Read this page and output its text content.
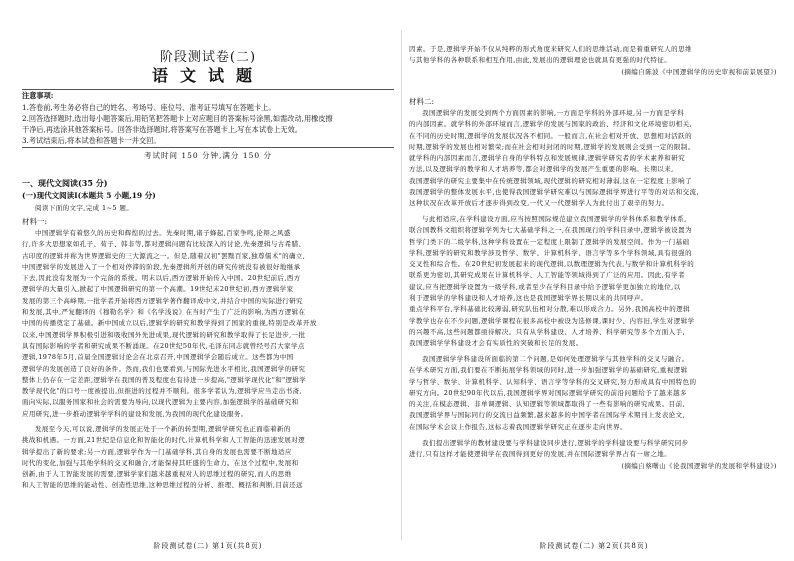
阶段测试卷(二)
语文试题
注意事项:
1.答卷前,考生务必将自己的姓名、考场号、座位号、准考证号填写在答题卡上。
2.回答选择题时,选出每小题答案后,用铅笔把答题卡上对应题目的答案标号涂黑,如需改动,用橡皮擦
干净后,再选涂其他答案标号。回答非选择题时,将答案写在答题卡上,写在本试卷上无效。
3.考试结束后,将本试卷和答题卡一并交回。
考试时间 150 分钟,满分 150 分
一、现代文阅读(35 分)
(一)现代文阅读Ⅰ(本题共 5 小题,19 分)
阅读下面的文字,完成 1~5 题。
材料一:
中国逻辑学有着悠久的历史和辉煌的过去。先秦时期,诸子蜂起,百家争鸣,论辩之风盛
行,许多大思想家如孔子、荀子、韩非等,都对逻辑问题有比较深入的讨论,先秦逻辑与古希腊、
古印度的逻辑并称为世界逻辑史的三大源流之一。但是,随着汉初"罢黜百家,独尊儒术"的确立,
中国逻辑学的发展进入了一个相对停滞的阶段,先秦逻辑所开创的研究传统没有被很好地继承
下去,因此没有发展为一个完备的系统。明末以后,西方逻辑开始传入中国。20世纪前后,西方
逻辑学的大量引入,掀起了中国逻辑研究的第一个高潮。19世纪末20世纪初,西方逻辑学家
发展的第三个高峰期,一批学者开始将西方逻辑学著作翻译成中文,并结合中国的实际进行研究
和发展,其中,严复翻译的《穆勒名学》和《名学浅说》在当时产生了广泛的影响,为西方逻辑在
中国的传播奠定了基础。新中国成立以后,逻辑学的研究和教学得到了国家的重视,特别是改革开放
以来,中国逻辑学界积极引进和吸收国外先进成果,现代逻辑的研究和教学取得了长足进步,一批
具有国际影响的学者和研究成果不断涌现。在20世纪50年代,毛泽东同志就曾经号召大家学点
逻辑,1978年5月,首届全国逻辑讨论会在北京召开,中国逻辑学会随后成立。这些都为中国
逻辑学的发展创造了良好的条件。然而,我们也要看到,与国际先进水平相比,我国逻辑学的研究
整体上仍存在一定差距,逻辑学在我国的普及程度也有待进一步提高,"逻辑学现代化"和"逻辑学
教学现代化"的口号一度被提出,但推进的过程并不顺利。很多学者认为,逻辑学应当走出书斋,
面向实际,以服务国家和社会的需要为导向,以现代逻辑为主要内容,加强逻辑学的基础研究和
应用研究,进一步推动逻辑学学科的建设和发展,为我国的现代化建设服务。
发展至今天,可以说,逻辑学的发展正处于一个新的转型期,逻辑学研究也正面临着新的
挑战和机遇。一方面,21世纪是信息化和智能化的时代,计算机科学和人工智能的迅速发展对逻
辑学提出了新的要求;另一方面,逻辑学作为一门基础学科,其自身的发展也需要不断地适应
时代的变化,加强与其他学科的交叉和融合,才能保持其旺盛的生命力。在这个过程中,发展和
创新,由于人工智能发展的需要,逻辑学家们越来越重视对人的思维过程的研究,而人的思维
和人工智能的思维的能动性、创造性思维,这种思维过程的分析、推理、概括和判断,目前还远
阶段测试卷(二) 第1页(共8页)
因素。于是,逻辑学开始不仅从纯粹的形式角度来研究人们的思维活动,而是着重研究人的思维
与其他学科的各种联系和相互作用,由此,发展出的逻辑理论也就具有更强的时代特征。
(摘编自陈波《中国逻辑学的历史审视和前景展望》)
材料二:
我国逻辑学的发展受到两个方面因素的影响,一方面是学科的外部环境,另一方面是学科
的内部因素。就学科的外部环境而言,逻辑学的发展与国家的政治、经济和文化环境密切相关,
在不同的历史时期,逻辑学的发展状况各不相同。一般而言,在社会相对开放、思想相对活跃的
时期,逻辑学的发展也相对繁荣;而在社会相对封闭的时期,逻辑学的发展则会受到一定的限制。
就学科的内部因素而言,逻辑学自身的学科特点和发展规律,逻辑学研究者的学术素养和研究
方法,以及逻辑学的教学和人才培养等,都会对逻辑学的发展产生重要的影响。长期以来,
我国逻辑学的研究主要集中在传统逻辑领域,现代逻辑的研究相对薄弱,这在一定程度上影响了
我国逻辑学的整体发展水平,也使得我国逻辑学研究难以与国际逻辑学界进行平等的对话和交流,
这种状况在改革开放后才逐步得到改变,一代又一代逻辑学人为此付出了艰辛的努力。
与此相适应,在学科建设方面,应当按照国际规范建立我国逻辑学的学科体系和教学体系,
联合国教科文组织将逻辑学列为七大基础学科之一,在我国现行的学科目录中,逻辑学被设置为
哲学门类下的二级学科,这种学科设置在一定程度上限制了逻辑学的发展空间。作为一门基础
学科,逻辑学的研究和教学涉及哲学、数学、计算机科学、语言学等多个学科领域,具有很强的
交叉性和综合性。在20世纪初发展起来的现代逻辑,以数理逻辑为代表,与数学和计算机科学的
联系更为密切,其研究成果在计算机科学、人工智能等领域得到了广泛的应用。因此,有学者
建议,应当把逻辑学设置为一级学科,或者至少在学科目录中给予逻辑学更加独立的地位,以
利于逻辑学的学科建设和人才培养,这也是我国逻辑学界长期以来的共同呼声。
重点学科平台,学科基础比较薄弱,研究队伍相对分散,难以形成合力。另外,我国高校中的逻辑
学教学也存在不少问题,逻辑学课程在很多高校中被设为选修课,课时少、内容旧,学生对逻辑学
的兴趣不高,这些问题都亟待解决。只有从学科建设、人才培养、科学研究等多个方面入手,
我国逻辑学学科建设才会有实质性的突破和长足的发展。
我国逻辑学学科建设所面临的第二个问题,是如何处理逻辑学与其他学科的交叉与融合。
在学术研究方面,我们要在不断拓展学科领域的同时,进一步加强逻辑学的基础研究,重视逻辑
学与哲学、数学、计算机科学、认知科学、语言学等学科的交叉研究,努力形成具有中国特色的
研究方向。20世纪90年代以后,我国逻辑学界对国际逻辑学研究的前沿问题给予了越来越多
的关注,在模态逻辑、非单调逻辑、认知逻辑等领域都取得了一些有影响的研究成果。目前,
我国逻辑学界与国际同行的交流日益频繁,越来越多的中国学者在国际学术期刊上发表论文,
在国际学术会议上作报告,这标志着我国逻辑学研究正在逐步走向世界。
我们提出逻辑学的教材建设要与学科建设同步进行,逻辑学的学科建设要与科学研究同步
进行,只有这样才能使逻辑学在我国得到更好的发展,并在国际逻辑学界占有一席之地。
(摘编自蔡曙山《论我国逻辑学的发展和学科建设》)
阶段测试卷(二) 第2页(共8页)
